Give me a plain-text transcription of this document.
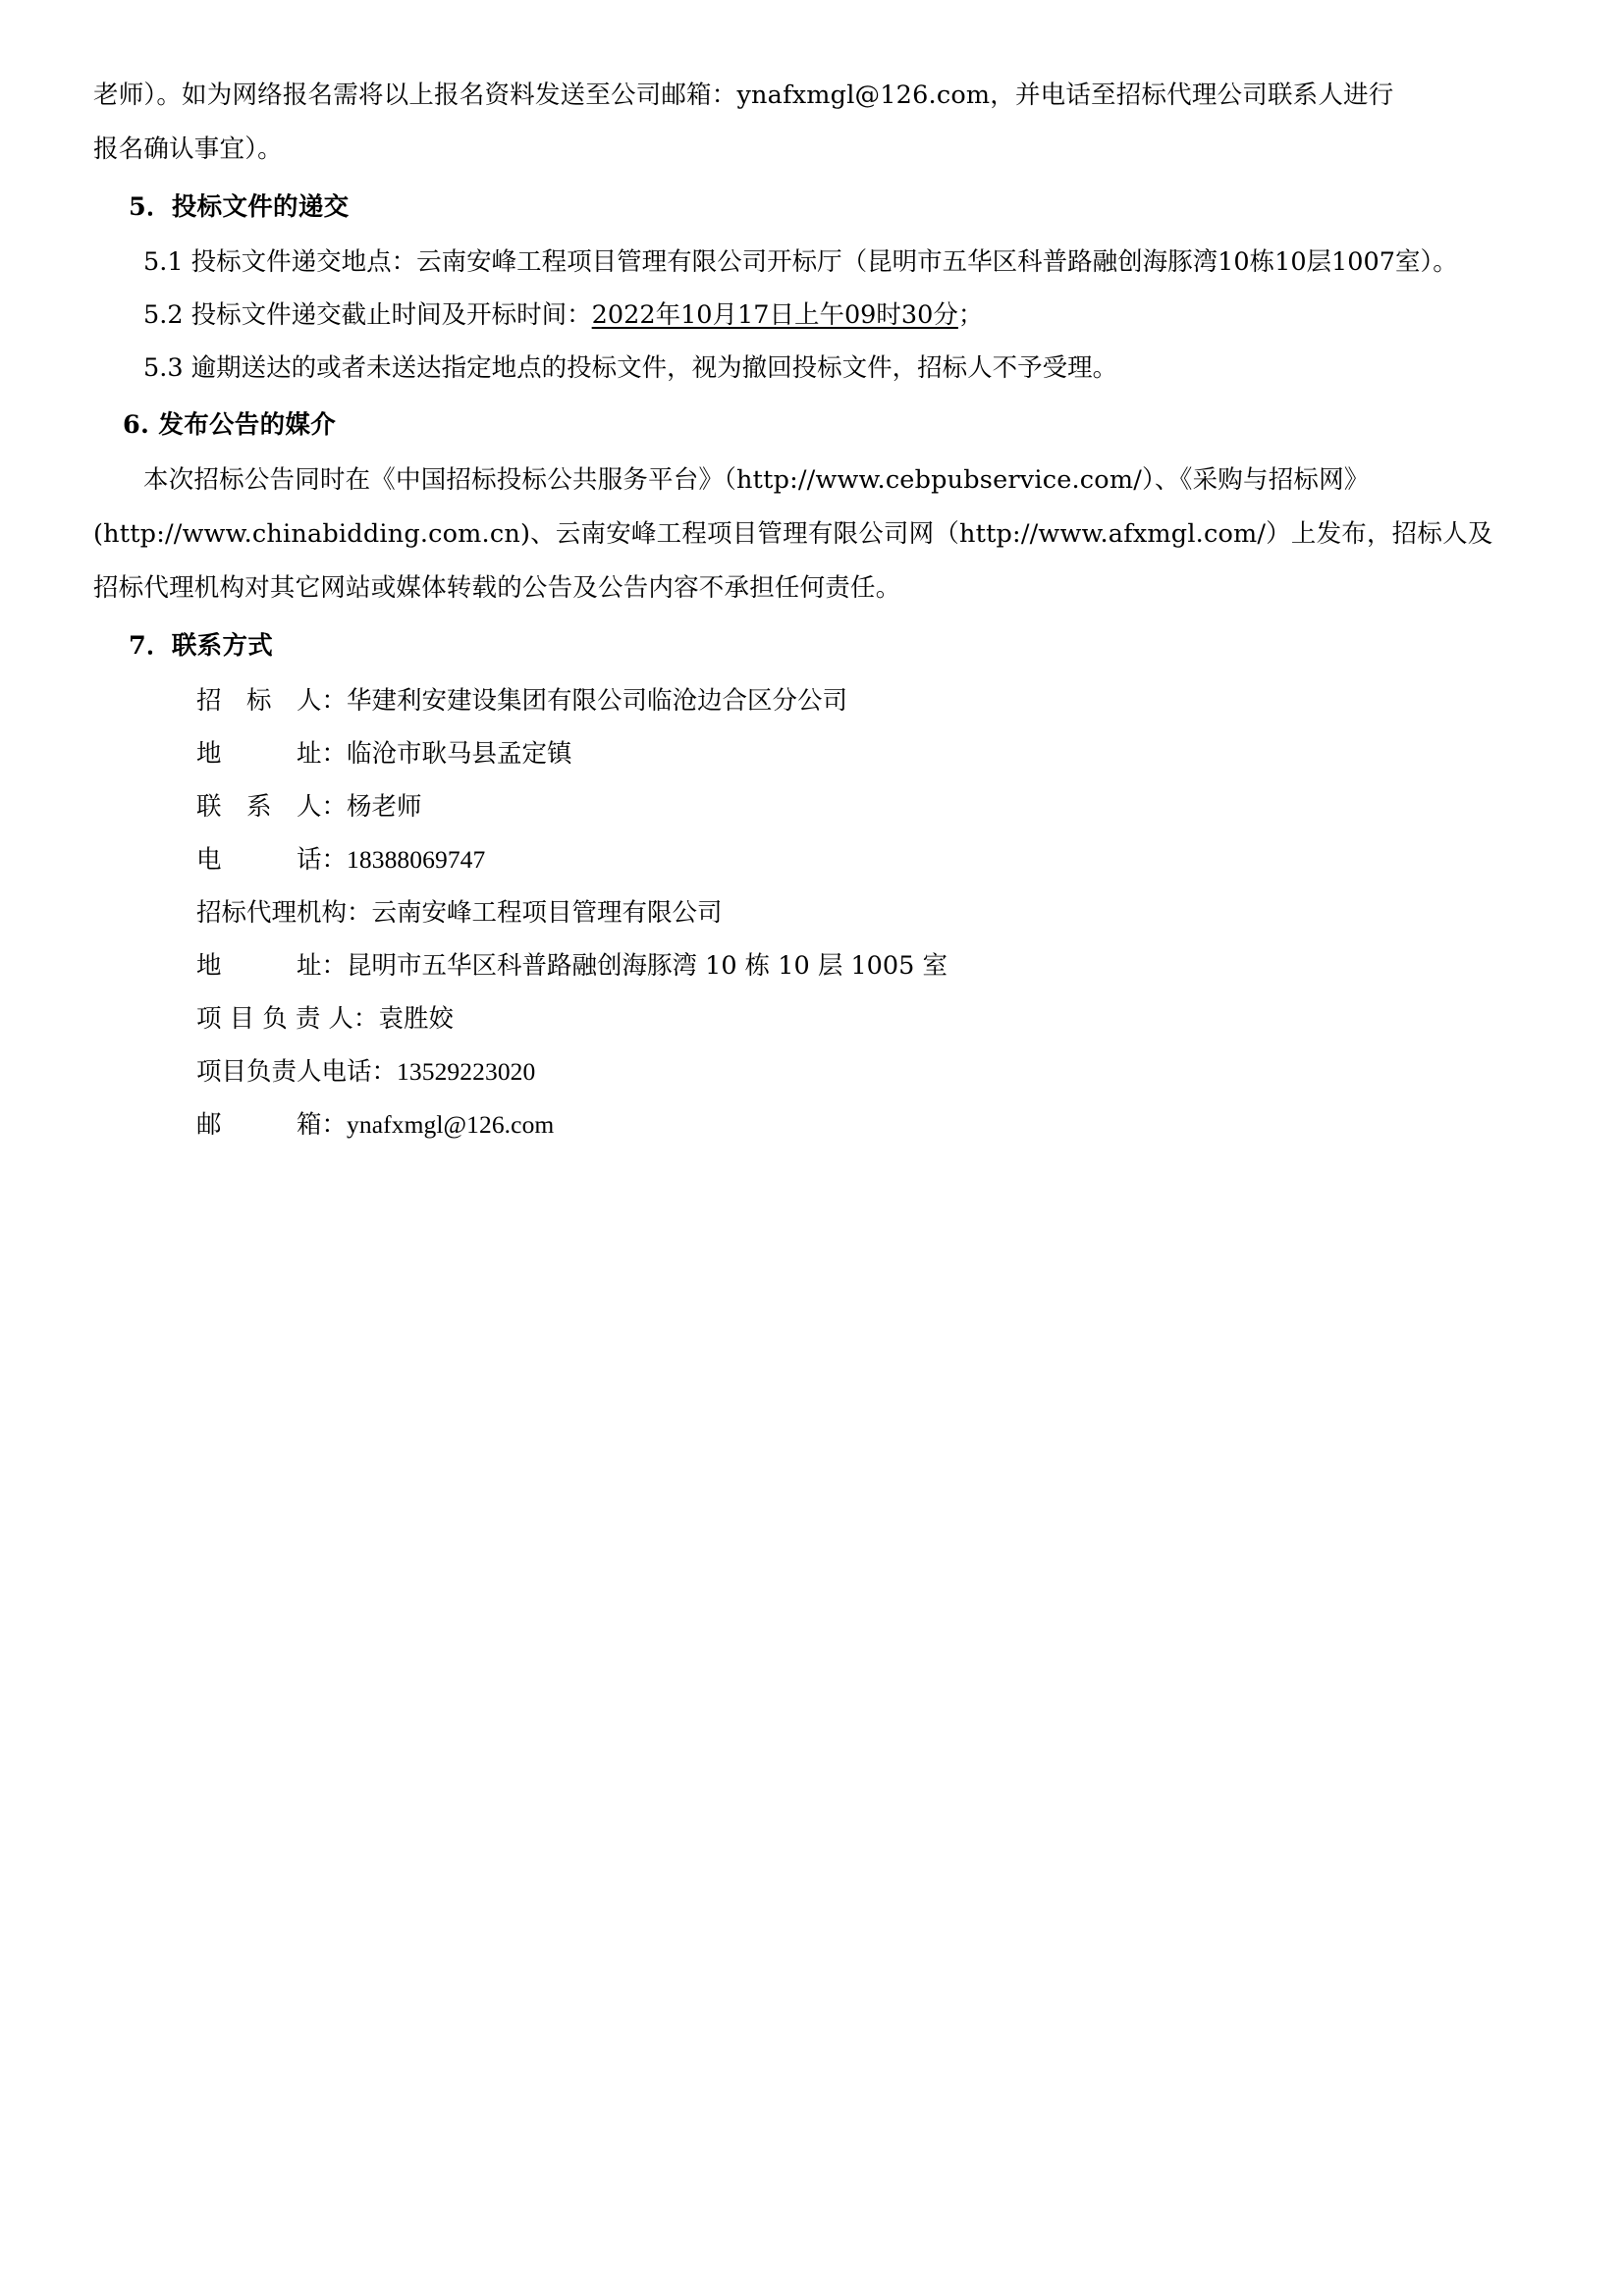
老师）。如为网络报名需将以上报名资料发送至公司邮箱：ynafxmgl@126.com，并电话至招标代理公司联系人进行
报名确认事宜）。

5．投标文件的递交

5.1 投标文件递交地点：云南安峰工程项目管理有限公司开标厅（昆明市五华区科普路融创海豚湾10栋10层1007室）。

5.2 投标文件递交截止时间及开标时间：2022年10月17日上午09时30分；

5.3 逾期送达的或者未送达指定地点的投标文件，视为撤回投标文件，招标人不予受理。

6. 发布公告的媒介

本次招标公告同时在《中国招标投标公共服务平台》（http://www.cebpubservice.com/）、《采购与招标网》
(http://www.chinabidding.com.cn)、云南安峰工程项目管理有限公司网（http://www.afxmgl.com/）上发布，招标人及
招标代理机构对其它网站或媒体转载的公告及公告内容不承担任何责任。

7．联系方式

招　标　人：华建利安建设集团有限公司临沧边合区分公司
地　　　址：临沧市耿马县孟定镇
联　系　人：杨老师
电　　　话：18388069747
招标代理机构：云南安峰工程项目管理有限公司
地　　　址：昆明市五华区科普路融创海豚湾 10 栋 10 层 1005 室
项 目 负 责 人：袁胜姣
项目负责人电话：13529223020
邮　　　箱：ynafxmgl@126.com
